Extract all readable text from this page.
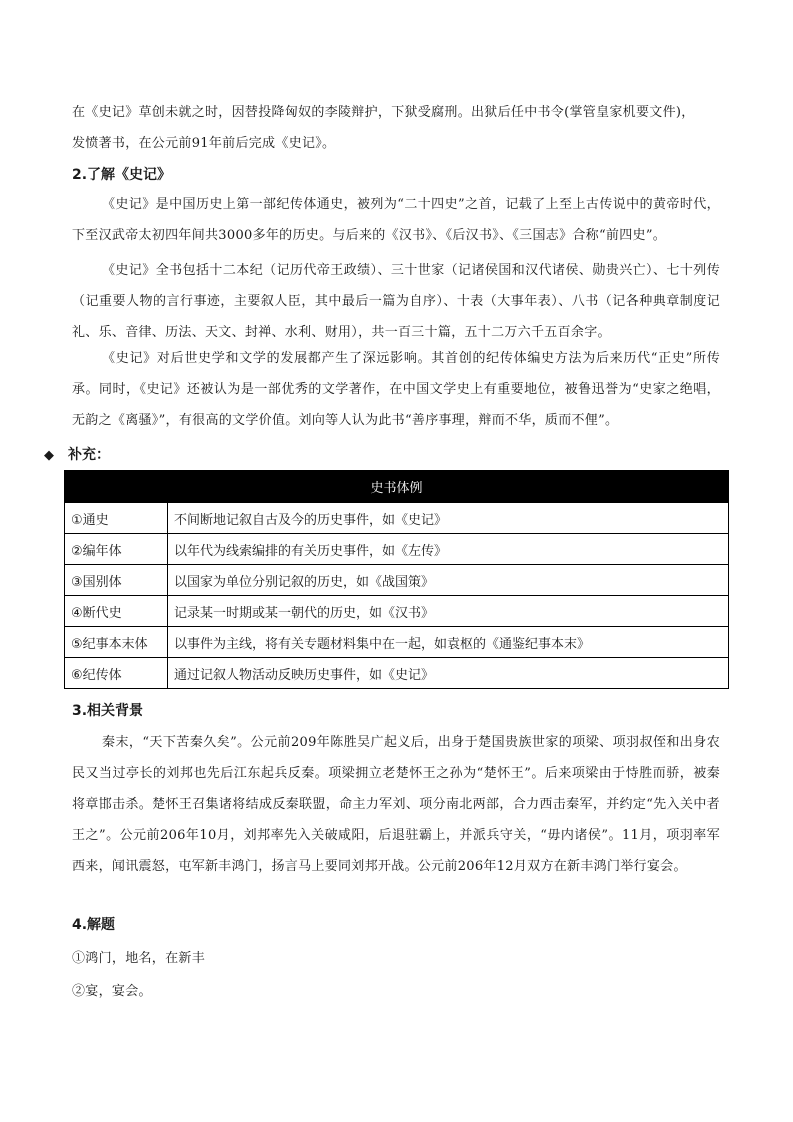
在《史记》草创未就之时，因替投降匈奴的李陵辩护，下狱受腐刑。出狱后任中书令(掌管皇家机要文件)，

发愤著书，在公元前91年前后完成《史记》。

2.了解《史记》

《史记》是中国历史上第一部纪传体通史，被列为“二十四史”之首，记载了上至上古传说中的黄帝时代，下至汉武帝太初四年间共3000多年的历史。与后来的《汉书》、《后汉书》、《三国志》合称“前四史”。

《史记》全书包括十二本纪（记历代帝王政绩）、三十世家（记诸侯国和汉代诸侯、勋贵兴亡）、七十列传（记重要人物的言行事迹，主要叙人臣，其中最后一篇为自序）、十表（大事年表）、八书（记各种典章制度记礼、乐、音律、历法、天文、封禅、水利、财用），共一百三十篇，五十二万六千五百余字。

《史记》对后世史学和文学的发展都产生了深远影响。其首创的纪传体编史方法为后来历代“正史”所传承。同时，《史记》还被认为是一部优秀的文学著作，在中国文学史上有重要地位，被鲁迅誉为“史家之绝唱，无韵之《离骚》”，有很高的文学价值。刘向等人认为此书“善序事理，辩而不华，质而不俚”。

◆ 补充：
史书体例	
①通史	不间断地记叙自古及今的历史事件，如《史记》
②编年体	以年代为线索编排的有关历史事件，如《左传》
③国别体	以国家为单位分别记叙的历史，如《战国策》
④断代史	记录某一时期或某一朝代的历史，如《汉书》
⑤纪事本末体	以事件为主线，将有关专题材料集中在一起，如袁枢的《通鉴纪事本末》
⑥纪传体	通过记叙人物活动反映历史事件，如《史记》
3.相关背景

秦末，“天下苦秦久矣”。公元前209年陈胜吴广起义后，出身于楚国贵族世家的项梁、项羽叔侄和出身农民又当过亭长的刘邦也先后江东起兵反秦。项梁拥立老楚怀王之孙为“楚怀王”。后来项梁由于恃胜而骄，被秦将章邯击杀。楚怀王召集诸将结成反秦联盟，命主力军刘、项分南北两部，合力西击秦军，并约定“先入关中者王之”。公元前206年10月，刘邦率先入关破咸阳，后退驻霸上，并派兵守关，“毋内诸侯”。11月，项羽率军西来，闻讯震怒，屯军新丰鸿门，扬言马上要同刘邦开战。公元前206年12月双方在新丰鸿门举行宴会。

4.解题

①鸿门，地名，在新丰

②宴，宴会。
